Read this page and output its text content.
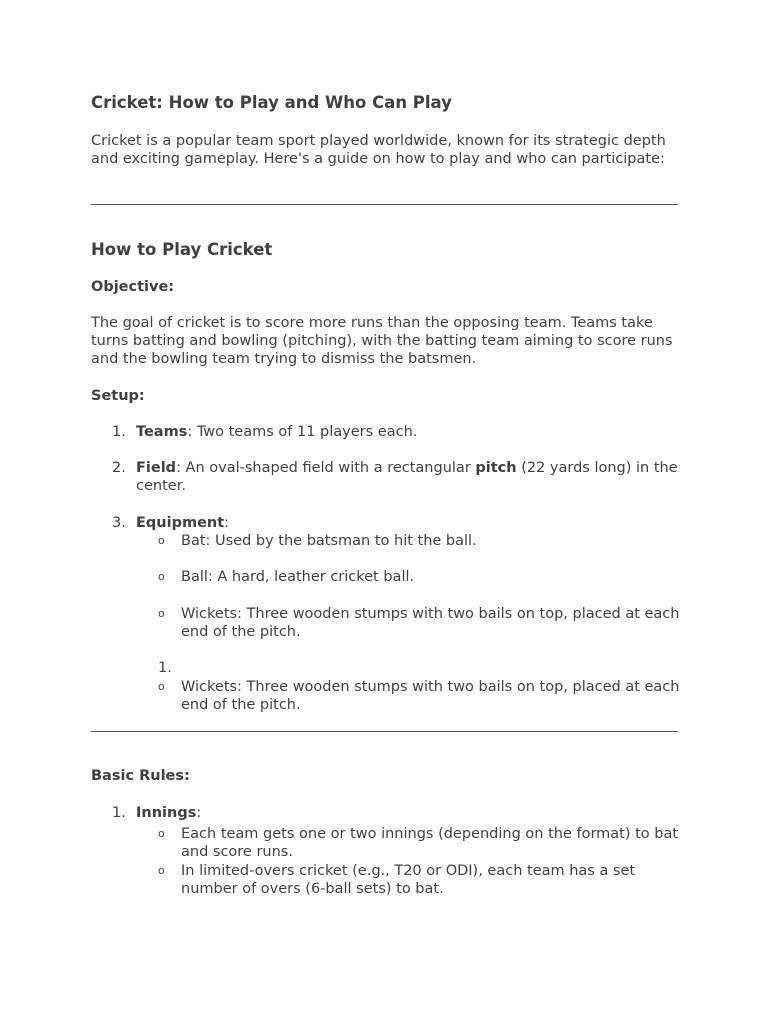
Cricket: How to Play and Who Can Play

Cricket is a popular team sport played worldwide, known for its strategic depth and exciting gameplay. Here's a guide on how to play and who can participate:

How to Play Cricket
Objective:

The goal of cricket is to score more runs than the opposing team. Teams take turns batting and bowling (pitching), with the batting team aiming to score runs and the bowling team trying to dismiss the batsmen.

Setup:
1. Teams: Two teams of 11 players each.
2. Field: An oval-shaped field with a rectangular pitch (22 yards long) in the center.
3. Equipment:
o Bat: Used by the batsman to hit the ball.
o Ball: A hard, leather cricket ball.
o Wickets: Three wooden stumps with two bails on top, placed at each end of the pitch.
1.
o Wickets: Three wooden stumps with two bails on top, placed at each end of the pitch.
Basic Rules:
1. Innings:
o Each team gets one or two innings (depending on the format) to bat and score runs.
o In limited-overs cricket (e.g., T20 or ODI), each team has a set number of overs (6-ball sets) to bat.
